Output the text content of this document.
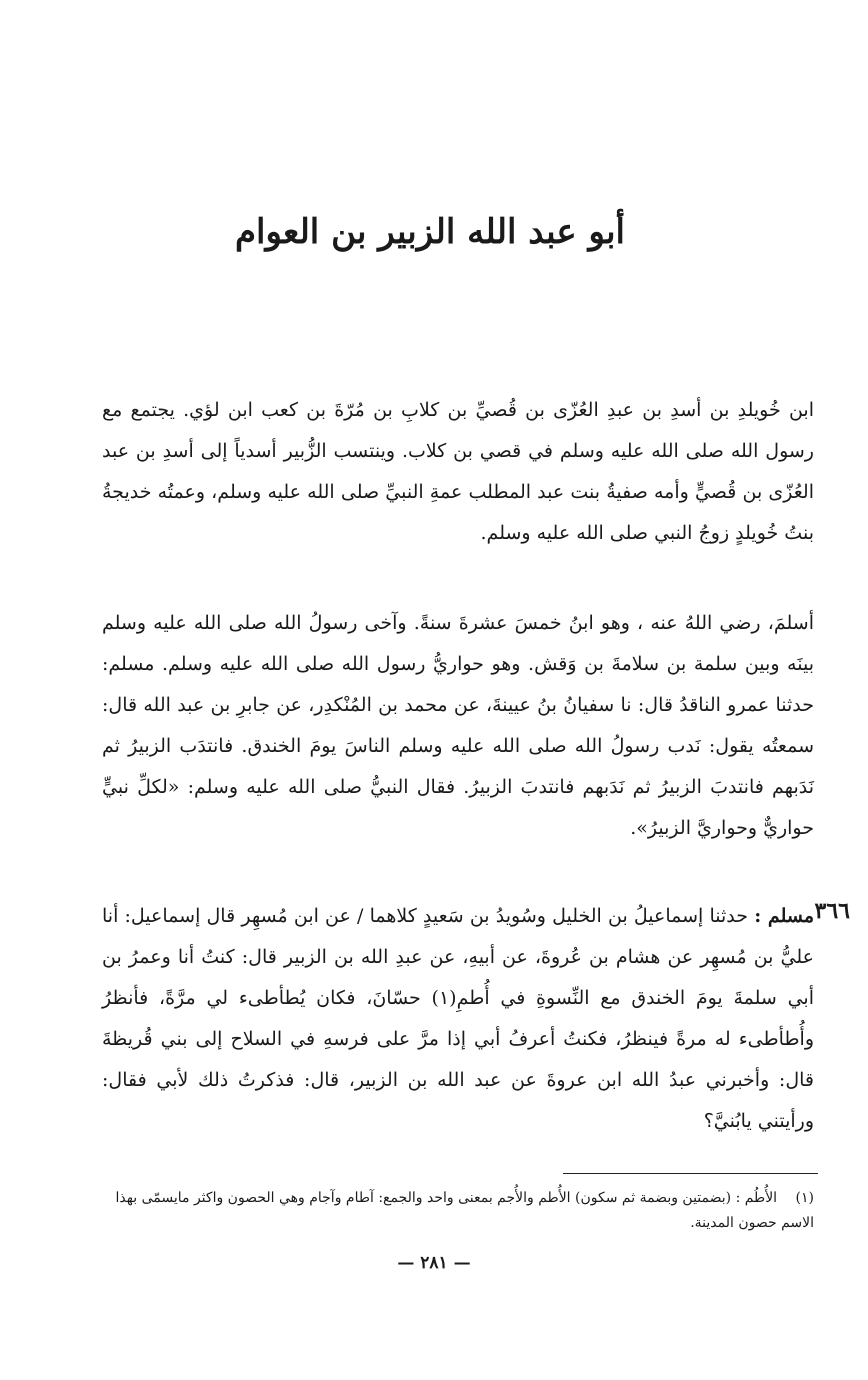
أبو عبد الله الزبير بن العوام

ابن خُويلدِ بن أسدِ بن عبدِ العُزّى بن قُصيِّ بن كلابِ بن مُرّةَ بن كعب ابن لؤي. يجتمع مع رسول الله صلى الله عليه وسلم في قصي بن كلاب. وينتسب الزُّبير أسدياً إلى أسدِ بن عبد العُزّى بن قُصيٍّ وأمه صفيةُ بنت عبد المطلب عمةِ النبيِّ صلى الله عليه وسلم، وعمتُه خديجةُ بنتُ خُويلدٍ زوجُ النبي صلى الله عليه وسلم.

أسلمَ، رضي اللهُ عنه ، وهو ابنُ خمسَ عشرةَ سنةً. وآخى رسولُ الله صلى الله عليه وسلم بينَه وبين سلمة بن سلامةَ بن وَقش. وهو حواريُّ رسول الله صلى الله عليه وسلم. مسلم: حدثنا عمرو الناقدُ قال: نا سفيانُ بنُ عيينةَ، عن محمد بن المُنْكدِر، عن جابرِ بن عبد الله قال: سمعتُه يقول: نَدب رسولُ الله صلى الله عليه وسلم الناسَ يومَ الخندق. فانتدَب الزبيرُ ثم نَدَبهم فانتدبَ الزبيرُ ثم نَدَبهم فانتدبَ الزبيرُ. فقال النبيُّ صلى الله عليه وسلم: «لكلِّ نبيٍّ حواريٌّ وحواريَّ الزبيرُ».

٣٦٦

مسلم : حدثنا إسماعيلُ بن الخليل وسُويدُ بن سَعيدٍ كلاهما / عن ابن مُسهِر قال إسماعيل: أنا عليُّ بن مُسهِر عن هشام بن عُروةَ، عن أبيهِ، عن عبدِ الله بن الزبير قال: كنتُ أنا وعمرُ بن أبي سلمةَ يومَ الخندق مع النِّسوةِ في أُطمِ(١) حسّانَ، فكان يُطأطىء لي مرَّةً، فأنظرُ وأُطأطىء له مرةً فينظرُ، فكنتُ أعرفُ أبي إذا مرَّ على فرسهِ في السلاح إلى بني قُريظةَ قال: وأخبرني عبدُ الله ابن عروةَ عن عبد الله بن الزبير، قال: فذكرتُ ذلك لأبي فقال: ورأيتني يابُنيَّ؟

(١) الأُطُم : (بضمتين وبضمة ثم سكون) الأُطم والأُجم بمعنى واحد والجمع: آطام وآجام وهي الحصون واكثر مايسمّى بهذا الاسم حصون المدينة.
— ٢٨١ —
